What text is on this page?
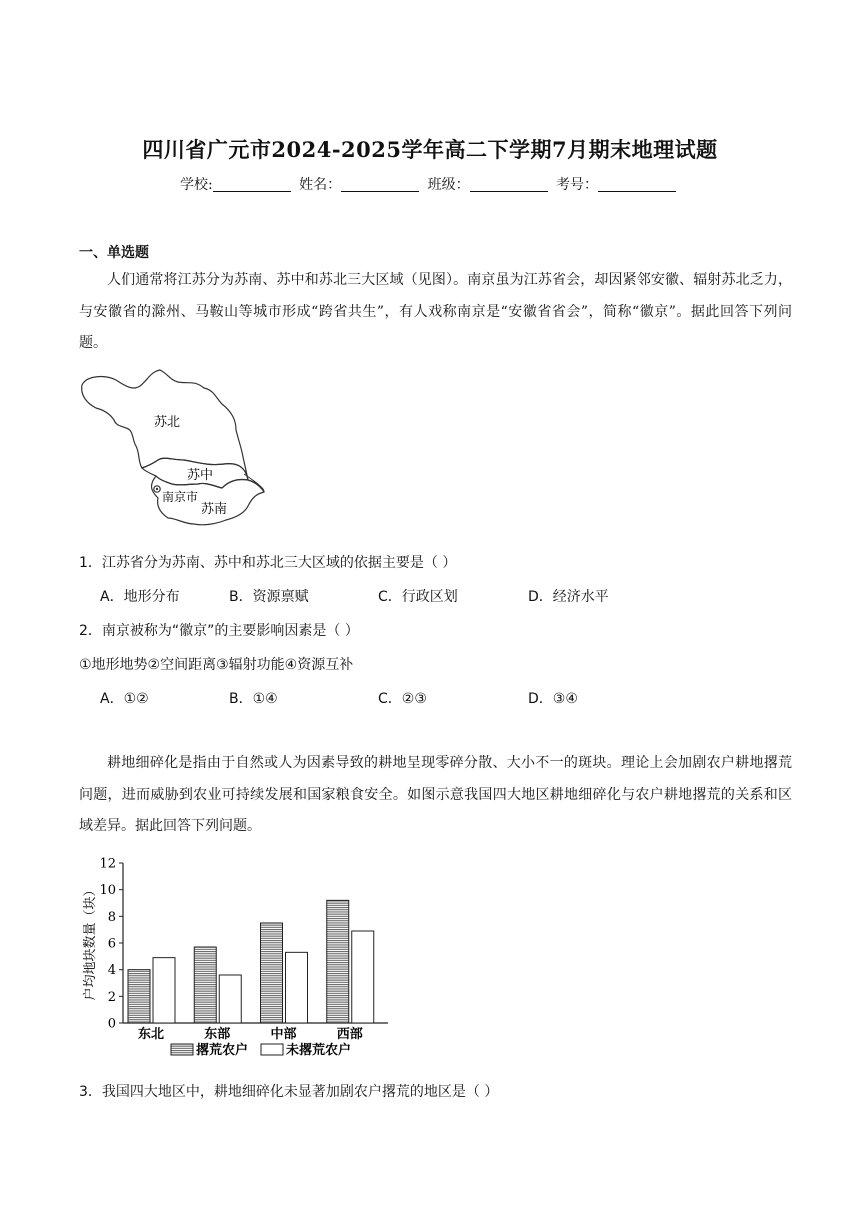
四川省广元市2024-2025学年高二下学期7月期末地理试题
学校:	姓名：	班级：	考号：
一、单选题

人们通常将江苏分为苏南、苏中和苏北三大区域（见图）。南京虽为江苏省会，却因紧邻安徽、辐射苏北乏力，与安徽省的滁州、马鞍山等城市形成“跨省共生”，有人戏称南京是“安徽省省会”，简称“徽京”。据此回答下列问题。

苏北
苏中
南京市
苏南
1．江苏省分为苏南、苏中和苏北三大区域的依据主要是（ ）
A．地形分布	B．资源禀赋	C．行政区划	D．经济水平
2．南京被称为“徽京”的主要影响因素是（ ）
①地形地势②空间距离③辐射功能④资源互补
A．①②	B．①④	C．②③	D．③④

耕地细碎化是指由于自然或人为因素导致的耕地呈现零碎分散、大小不一的斑块。理论上会加剧农户耕地撂荒问题，进而威胁到农业可持续发展和国家粮食安全。如图示意我国四大地区耕地细碎化与农户耕地撂荒的关系和区域差异。据此回答下列问题。

0
2
4
6
8
10
12
东北	东部	中部	西部
户均地块数量（块）
撂荒农户	未撂荒农户
3．我国四大地区中，耕地细碎化未显著加剧农户撂荒的地区是（ ）
